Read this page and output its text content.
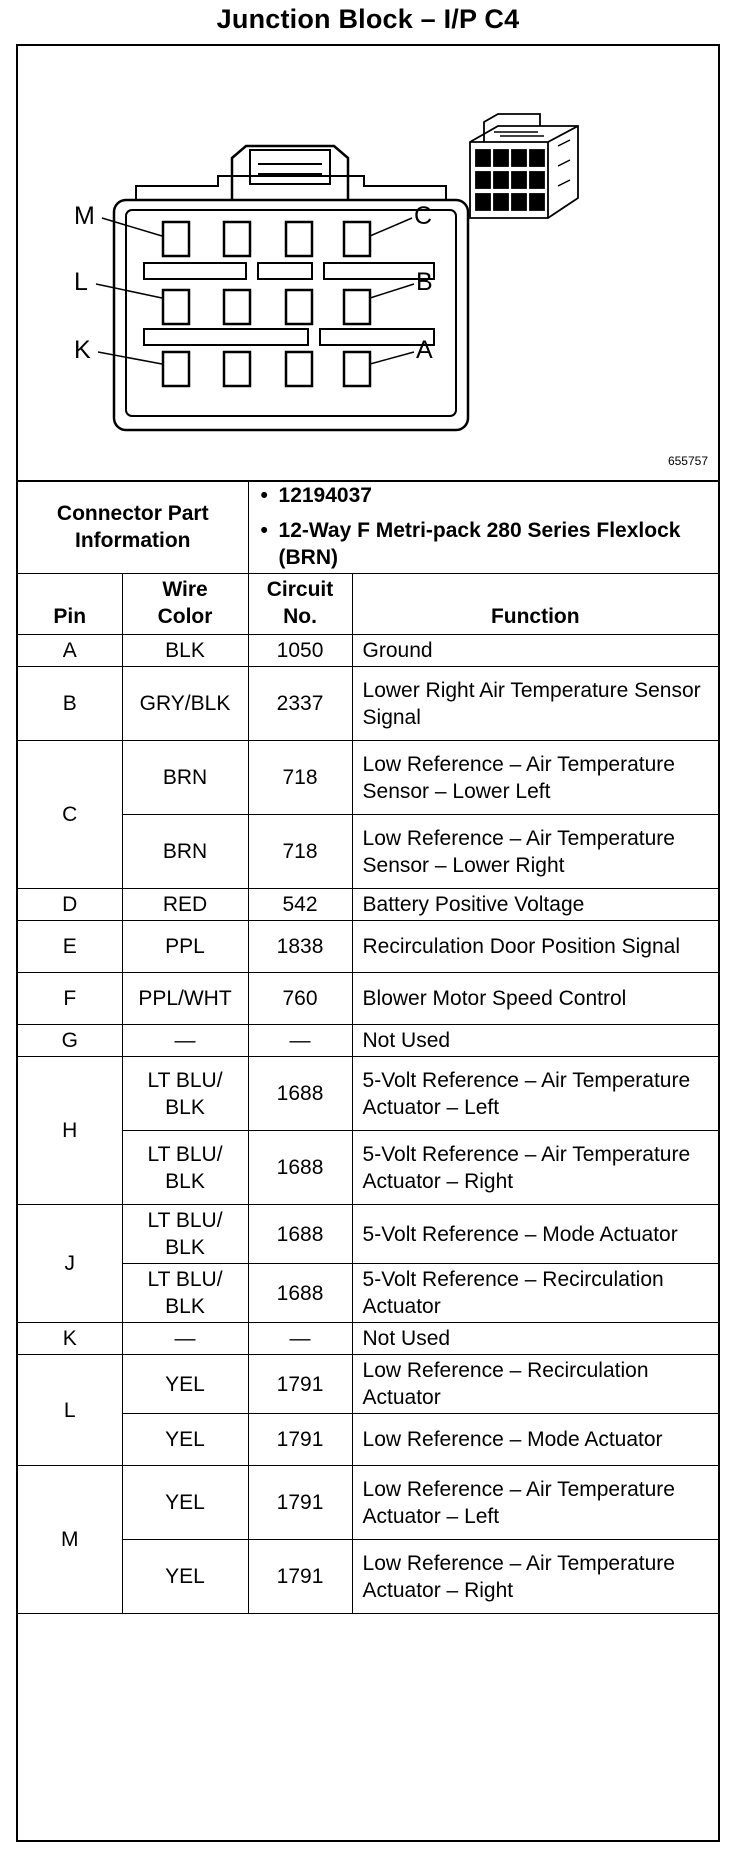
Junction Block – I/P C4
M
L
K
C
B
A
655757
Connector Part Information		• 12194037
• 12-Way F Metri-pack 280 Series Flexlock (BRN)	

Pin	Wire Color	Circuit No.	Function
A	BLK	1050	Ground
B	GRY/BLK	2337	Lower Right Air Temperature Sensor Signal
C	BRN	718	Low Reference – Air Temperature Sensor – Lower Left
	BRN	718	Low Reference – Air Temperature Sensor – Lower Right
D	RED	542	Battery Positive Voltage
E	PPL	1838	Recirculation Door Position Signal
F	PPL/WHT	760	Blower Motor Speed Control
G	—	—	Not Used
H	LT BLU/ BLK	1688	5-Volt Reference – Air Temperature Actuator – Left
	LT BLU/ BLK	1688	5-Volt Reference – Air Temperature Actuator – Right
J	LT BLU/ BLK	1688	5-Volt Reference – Mode Actuator
	LT BLU/ BLK	1688	5-Volt Reference – Recirculation Actuator
K	—	—	Not Used
L	YEL	1791	Low Reference – Recirculation Actuator
	YEL	1791	Low Reference – Mode Actuator
M	YEL	1791	Low Reference – Air Temperature Actuator – Left
	YEL	1791	Low Reference – Air Temperature Actuator – Right
